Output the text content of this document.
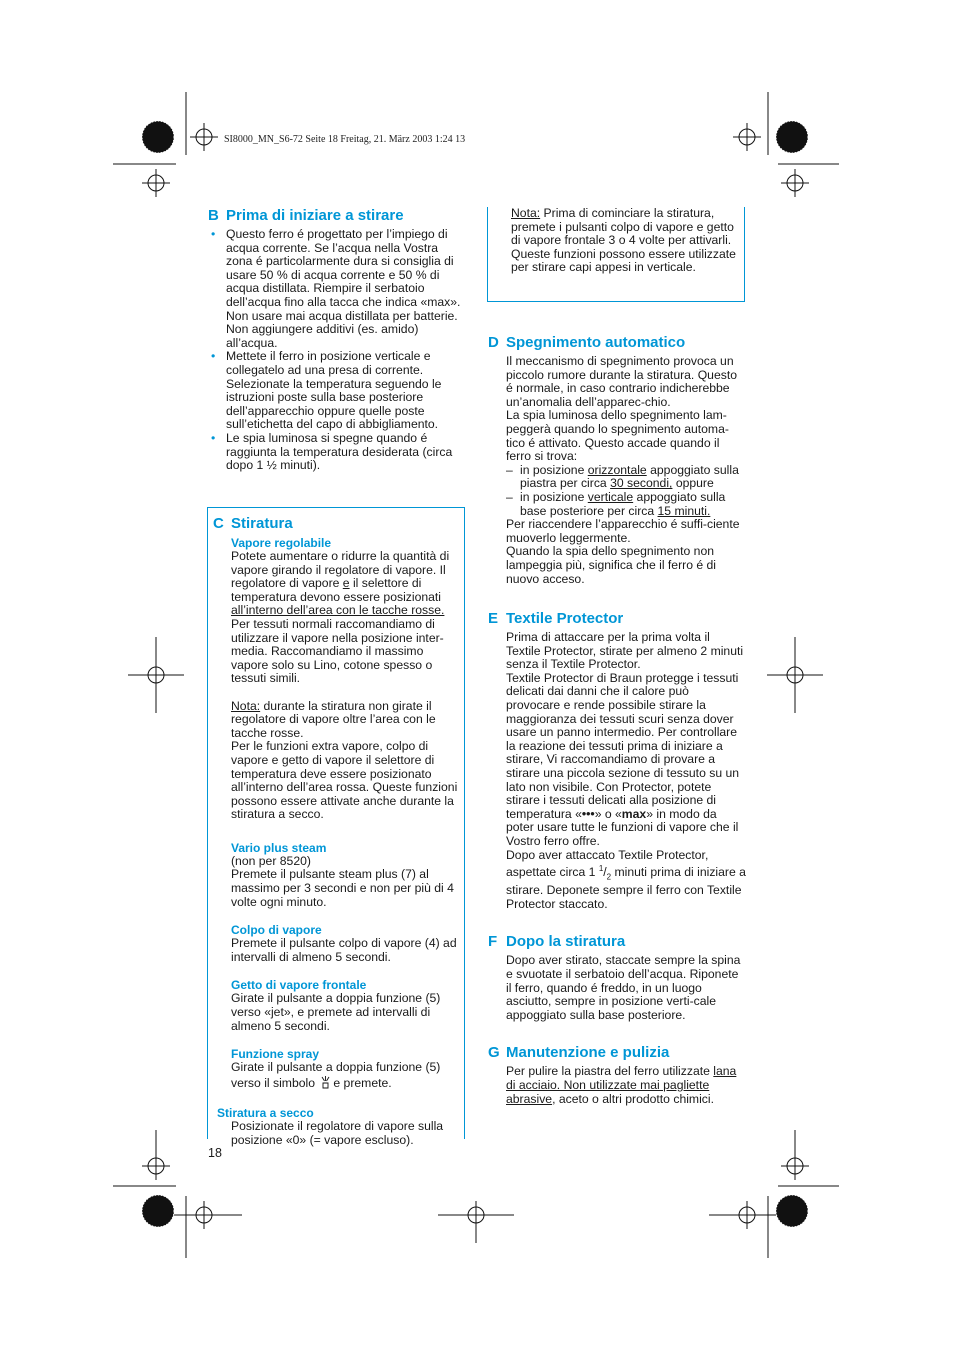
SI8000_MN_S6-72 Seite 18 Freitag, 21. März 2003 1:24 13
B Prima di iniziare a stirare
• Questo ferro é progettato per l’impiego di acqua corrente. Se l’acqua nella Vostra zona é particolarmente dura si consiglia di usare 50 % di acqua corrente e 50 % di acqua distillata. Riempire il serbatoio dell’acqua fino alla tacca che indica «max». Non usare mai acqua distillata per batterie. Non aggiungere additivi (es. amido) all’acqua.
• Mettete il ferro in posizione verticale e collegatelo ad una presa di corrente. Selezionate la temperatura seguendo le istruzioni poste sulla base posteriore dell’apparecchio oppure quelle poste sull’etichetta del capo di abbigliamento.
• Le spia luminosa si spegne quando é raggiunta la temperatura desiderata (circa dopo 1 ½ minuti).
C Stiratura
Vapore regolabile

Potete aumentare o ridurre la quantità di vapore girando il regolatore di vapore. Il regolatore di vapore e il selettore di temperatura devono essere posizionati all’interno dell’area con le tacche rosse.

Per tessuti normali raccomandiamo di utilizzare il vapore nella posizione inter-media. Raccomandiamo il massimo vapore solo su Lino, cotone spesso o tessuti simili.

Nota: durante la stiratura non girate il regolatore di vapore oltre l’area con le tacche rosse.

Per le funzioni extra vapore, colpo di vapore e getto di vapore il selettore di temperatura deve essere posizionato all’interno dell’area rossa. Queste funzioni possono essere attivate anche durante la stiratura a secco.

Vario plus steam

(non per 8520)

Premete il pulsante steam plus (7) al massimo per 3 secondi e non per più di 4 volte ogni minuto.

Colpo di vapore

Premete il pulsante colpo di vapore (4) ad intervalli di almeno 5 secondi.

Getto di vapore frontale

Girate il pulsante a doppia funzione (5) verso «jet», e premete ad intervalli di almeno 5 secondi.

Funzione spray

Girate il pulsante a doppia funzione (5) verso il simbolo e premete.

Stiratura a secco

Posizionate il regolatore di vapore sulla posizione «0» (= vapore escluso).

Nota: Prima di cominciare la stiratura, premete i pulsanti colpo di vapore e getto di vapore frontale 3 o 4 volte per attivarli. Queste funzioni possono essere utilizzate per stirare capi appesi in verticale.

D Spegnimento automatico

Il meccanismo di spegnimento provoca un piccolo rumore durante la stiratura. Questo é normale, in caso contrario indicherebbe un’anomalia dell’apparec-chio.

La spia luminosa dello spegnimento lam-peggerà quando lo spegnimento automa-tico é attivato. Questo accade quando il ferro si trova:

– in posizione orizzontale appoggiato sulla piastra per circa 30 secondi, oppure
– in posizione verticale appoggiato sulla base posteriore per circa 15 minuti.

Per riaccendere l’apparecchio é suffi-ciente muoverlo leggermente.

Quando la spia dello spegnimento non lampeggia più, significa che il ferro é di nuovo acceso.

E Textile Protector

Prima di attaccare per la prima volta il Textile Protector, stirate per almeno 2 minuti senza il Textile Protector.

Textile Protector di Braun protegge i tessuti delicati dai danni che il calore può provocare e rende possibile stirare la maggioranza dei tessuti scuri senza dover usare un panno intermedio. Per controllare la reazione dei tessuti prima di iniziare a stirare, Vi raccomandiamo di provare a stirare una piccola sezione di tessuto su un lato non visibile. Con Protector, potete stirare i tessuti delicati alla posizione di temperatura «•••» o «max» in modo da poter usare tutte le funzioni di vapore che il Vostro ferro offre.

Dopo aver attaccato Textile Protector, aspettate circa 1 $^1/_2$ minuti prima di iniziare a stirare. Deponete sempre il ferro con Textile Protector staccato.

F Dopo la stiratura

Dopo aver stirato, staccate sempre la spina e svuotate il serbatoio dell’acqua. Riponete il ferro, quando é freddo, in un luogo asciutto, sempre in posizione verti-cale appoggiato sulla base posteriore.

G Manutenzione e pulizia

Per pulire la piastra del ferro utilizzate lana di acciaio. Non utilizzate mai pagliette abrasive, aceto o altri prodotto chimici.

18
